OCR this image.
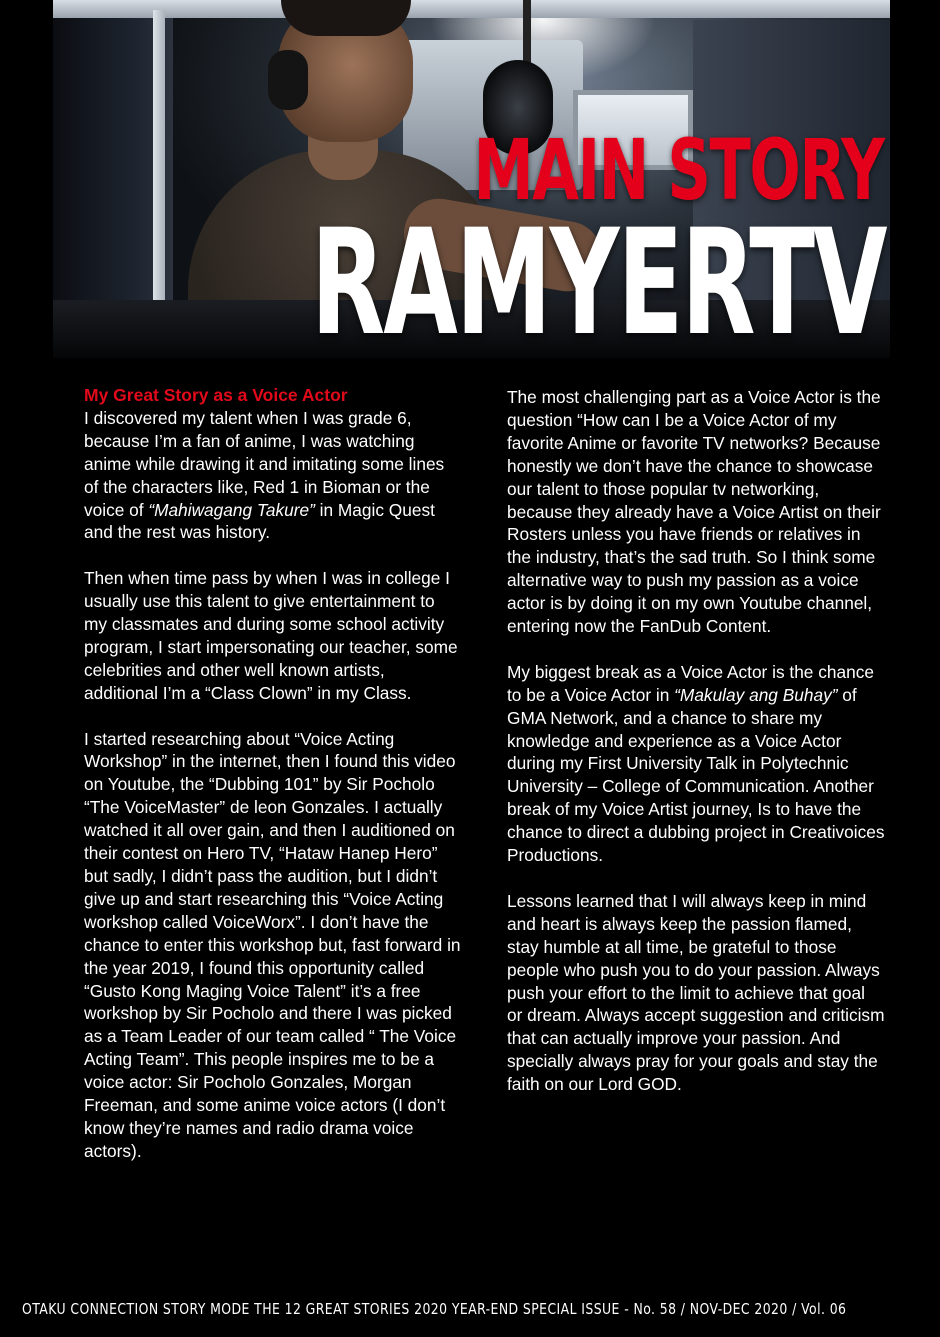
MAIN STORY
RAMYERTV
My Great Story as a Voice Actor

I discovered my talent when I was grade 6, because I’m a fan of anime, I was watching anime while drawing it and imitating some lines of the characters like, Red 1 in Bioman or the voice of “Mahiwagang Takure” in Magic Quest and the rest was history.

Then when time pass by when I was in college I usually use this talent to give entertainment to my classmates and during some school activity program, I start impersonating our teacher, some celebrities and other well known artists, additional I’m a “Class Clown” in my Class.

I started researching about “Voice Acting Workshop” in the internet, then I found this video on Youtube, the “Dubbing 101” by Sir Pocholo “The VoiceMaster” de leon Gonzales. I actually watched it all over gain, and then I auditioned on their contest on Hero TV, “Hataw Hanep Hero” but sadly, I didn’t pass the audition, but I didn’t give up and start researching this “Voice Acting workshop called VoiceWorx”. I don’t have the chance to enter this workshop but, fast forward in the year 2019, I found this opportunity called “Gusto Kong Maging Voice Talent” it’s a free workshop by Sir Pocholo and there I was picked as a Team Leader of our team called “ The Voice Acting Team”. This people inspires me to be a voice actor: Sir Pocholo Gonzales, Morgan Freeman, and some anime voice actors (I don’t know they’re names and radio drama voice actors).

The most challenging part as a Voice Actor is the question “How can I be a Voice Actor of my favorite Anime or favorite TV networks? Because honestly we don’t have the chance to showcase our talent to those popular tv networking, because they already have a Voice Artist on their Rosters unless you have friends or relatives in the industry, that’s the sad truth. So I think some alternative way to push my passion as a voice actor is by doing it on my own Youtube channel, entering now the FanDub Content.

My biggest break as a Voice Actor is the chance to be a Voice Actor in “Makulay ang Buhay” of GMA Network, and a chance to share my knowledge and experience as a Voice Actor during my First University Talk in Polytechnic University – College of Communication. Another break of my Voice Artist journey, Is to have the chance to direct a dubbing project in Creativoices Productions.

Lessons learned that I will always keep in mind and heart is always keep the passion flamed, stay humble at all time, be grateful to those people who push you to do your passion. Always push your effort to the limit to achieve that goal or dream. Always accept suggestion and criticism that can actually improve your passion. And specially always pray for your goals and stay the faith on our Lord GOD.

OTAKU CONNECTION STORY MODE THE 12 GREAT STORIES 2020 YEAR-END SPECIAL ISSUE - No. 58 / NOV-DEC 2020 / Vol. 06
